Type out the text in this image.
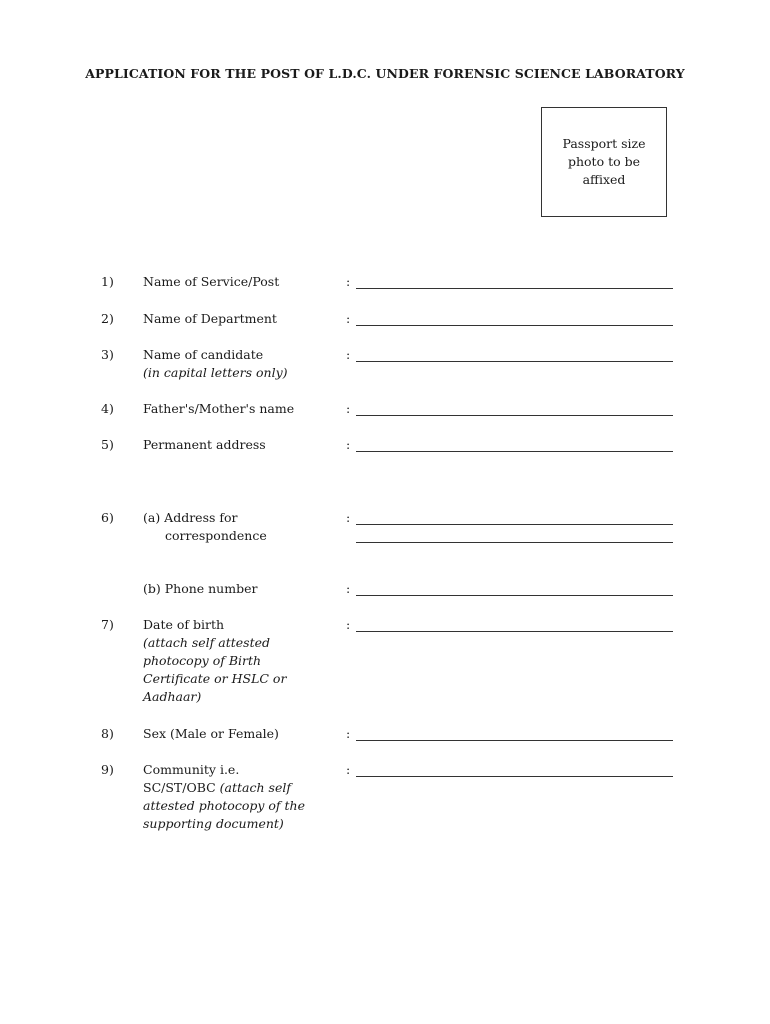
APPLICATION FOR THE POST OF L.D.C. UNDER FORENSIC SCIENCE LABORATORY
Passport size
photo to be
affixed
1) Name of Service/Post	:
2) Name of Department	:
3) Name of candidate
(in capital letters only)
:
4) Father's/Mother's name	:
5) Permanent address	:
6) (a) Address for
correspondence
:
(b) Phone number	:
7) Date of birth
(attach self attested
photocopy of Birth
Certificate or HSLC or
Aadhaar)
:
8) Sex (Male or Female)	:
9) Community i.e.
SC/ST/OBC (attach self
attested photocopy of the
supporting document)
:
